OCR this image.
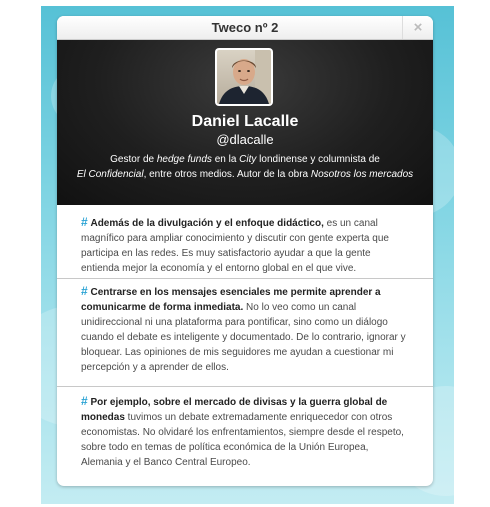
Tweco nº 2	×
Daniel Lacalle
@dlacalle
Gestor de hedge funds en la City londinense y columnista de
El Confidencial, entre otros medios. Autor de la obra Nosotros los mercados
# Además de la divulgación y el enfoque didáctico, es un canal magnífico para ampliar conocimiento y discutir con gente experta que participa en las redes. Es muy satisfactorio ayudar a que la gente entienda mejor la economía y el entorno global en el que vive.
# Centrarse en los mensajes esenciales me permite aprender a comunicarme de forma inmediata. No lo veo como un canal unidireccional ni una plataforma para pontificar, sino como un diálogo cuando el debate es inteligente y documentado. De lo contrario, ignorar y bloquear. Las opiniones de mis seguidores me ayudan a cuestionar mi percepción y a aprender de ellos.
# Por ejemplo, sobre el mercado de divisas y la guerra global de monedas tuvimos un debate extremadamente enriquecedor con otros economistas. No olvidaré los enfrentamientos, siempre desde el respeto, sobre todo en temas de política económica de la Unión Europea, Alemania y el Banco Central Europeo.
